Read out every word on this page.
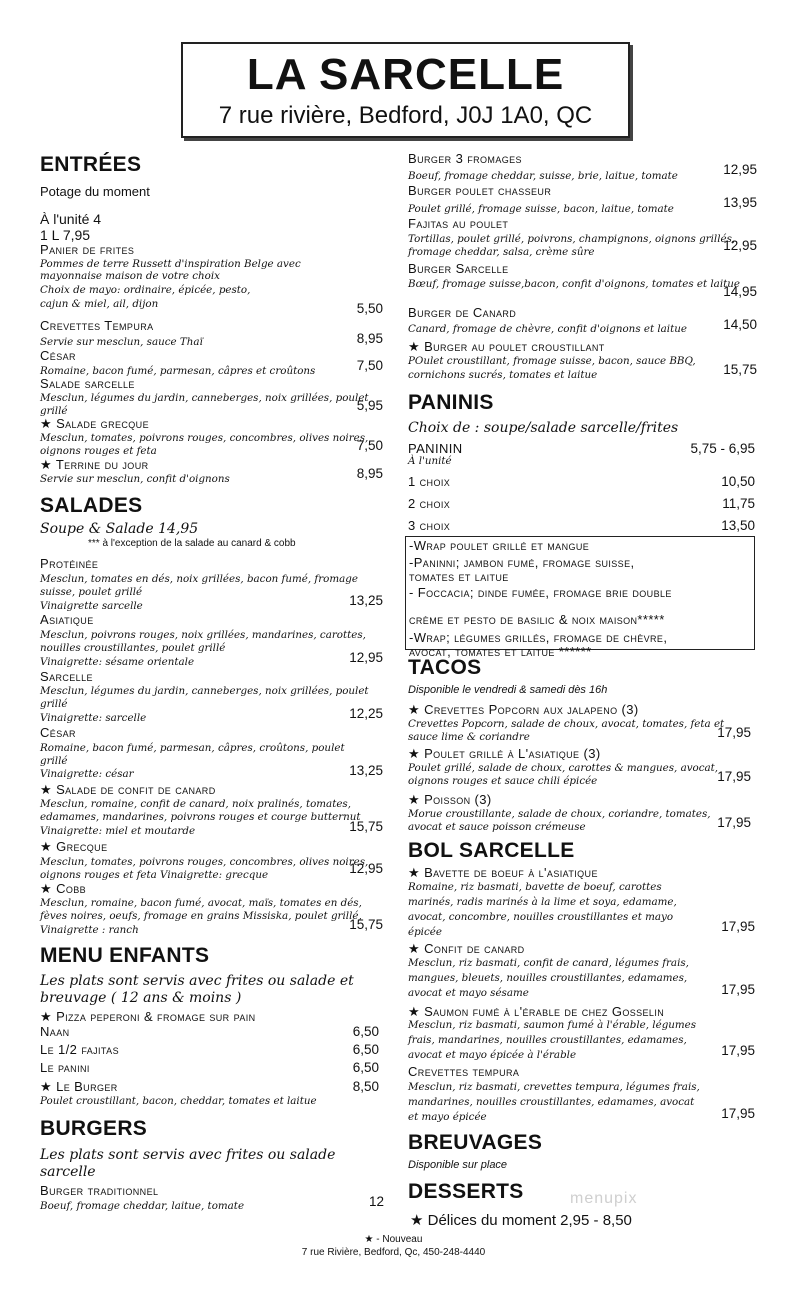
LA SARCELLE
7 rue rivière, Bedford, J0J 1A0, QC
ENTRÉES
Potage du moment
À l'unité 4
1 L 7,95
Panier de frites
Pommes de terre Russett d'inspiration Belge avec
mayonnaise maison de votre choix
Choix de mayo: ordinaire, épicée, pesto,
cajun & miel, ail, dijon	5,50
Crevettes Tempura
Servie sur mesclun, sauce Thaï	8,95
César
Romaine, bacon fumé, parmesan, câpres et croûtons	7,50
Salade sarcelle
Mesclun, légumes du jardin, canneberges, noix grillées, poulet
grillé	5,95
★ Salade grecque
Mesclun, tomates, poivrons rouges, concombres, olives noires,
oignons rouges et feta	7,50
★ Terrine du jour
Servie sur mesclun, confit d'oignons	8,95
SALADES
Soupe & Salade 14,95
*** à l'exception de la salade au canard & cobb
Protéinée
Mesclun, tomates en dés, noix grillées, bacon fumé, fromage
suisse, poulet grillé
Vinaigrette sarcelle	13,25
Asiatique
Mesclun, poivrons rouges, noix grillées, mandarines, carottes,
nouilles croustillantes, poulet grillé
Vinaigrette: sésame orientale	12,95
Sarcelle
Mesclun, légumes du jardin, canneberges, noix grillées, poulet
grillé
Vinaigrette: sarcelle	12,25
César
Romaine, bacon fumé, parmesan, câpres, croûtons, poulet
grillé
Vinaigrette: césar	13,25
★ Salade de confit de canard
Mesclun, romaine, confit de canard, noix pralinés, tomates,
edamames, mandarines, poivrons rouges et courge butternut
Vinaigrette: miel et moutarde	15,75
★ Grecque
Mesclun, tomates, poivrons rouges, concombres, olives noires,
oignons rouges et feta Vinaigrette: grecque	12,95
★ Cobb
Mesclun, romaine, bacon fumé, avocat, maïs, tomates en dés,
fèves noires, oeufs, fromage en grains Missiska, poulet grillé,
Vinaigrette : ranch	15,75
MENU ENFANTS
Les plats sont servis avec frites ou salade et
breuvage ( 12 ans & moins )
★ Pizza peperoni & fromage sur pain
Naan	6,50
Le 1/2 fajitas	6,50
Le panini	6,50
★ Le Burger	8,50
Poulet croustillant, bacon, cheddar, tomates et laitue
BURGERS
Les plats sont servis avec frites ou salade
sarcelle
Burger traditionnel
Boeuf, fromage cheddar, laitue, tomate	12
Burger 3 fromages
Boeuf, fromage cheddar, suisse, brie, laitue, tomate	12,95
Burger poulet chasseur
Poulet grillé, fromage suisse, bacon, laitue, tomate	13,95
Fajitas au poulet
Tortillas, poulet grillé, poivrons, champignons, oignons grillés,
fromage cheddar, salsa, crème sûre	12,95
Burger Sarcelle
Bœuf, fromage suisse,bacon, confit d'oignons, tomates et laitue
14,95
Burger de Canard
Canard, fromage de chèvre, confit d'oignons et laitue	14,50
★ Burger au poulet croustillant
POulet croustillant, fromage suisse, bacon, sauce BBQ,
cornichons sucrés, tomates et laitue	15,75
PANINIS
Choix de : soupe/salade sarcelle/frites
PANININ	5,75 - 6,95
À l'unité
1 choix	10,50
2 choix	11,75
3 choix	13,50
-Wrap poulet grillé et mangue
-Paninni; jambon fumé, fromage suisse,
tomates et laitue
- Foccacia; dinde fumée, fromage brie double
crème et pesto de basilic & noix maison*****
-Wrap; légumes grillés, fromage de chèvre,
avocat, tomates et laitue ******
TACOS
Disponible le vendredi & samedi dès 16h
★ Crevettes Popcorn aux jalapeno (3)
Crevettes Popcorn, salade de choux, avocat, tomates, feta et
sauce lime & coriandre	17,95
★ Poulet grillé à L'asiatique (3)
Poulet grillé, salade de choux, carottes & mangues, avocat,
oignons rouges et sauce chili épicée	17,95
★ Poisson (3)
Morue croustillante, salade de choux, coriandre, tomates,
avocat et sauce poisson crémeuse	17,95
BOL SARCELLE
★ Bavette de boeuf à l'asiatique
Romaine, riz basmati, bavette de boeuf, carottes
marinés, radis marinés à la lime et soya, edamame,
avocat, concombre, nouilles croustillantes et mayo
épicée	17,95
★ Confit de canard
Mesclun, riz basmati, confit de canard, légumes frais,
mangues, bleuets, nouilles croustillantes, edamames,
avocat et mayo sésame	17,95
★ Saumon fumé à l'érable de chez Gosselin
Mesclun, riz basmati, saumon fumé à l'érable, légumes
frais, mandarines, nouilles croustillantes, edamames,
avocat et mayo épicée à l'érable	17,95
Crevettes tempura
Mesclun, riz basmati, crevettes tempura, légumes frais,
mandarines, nouilles croustillantes, edamames, avocat
et mayo épicée	17,95
BREUVAGES
Disponible sur place
DESSERTS
★ Délices du moment 2,95 - 8,50
menupix
★ - Nouveau
7 rue Rivière, Bedford, Qc, 450-248-4440
